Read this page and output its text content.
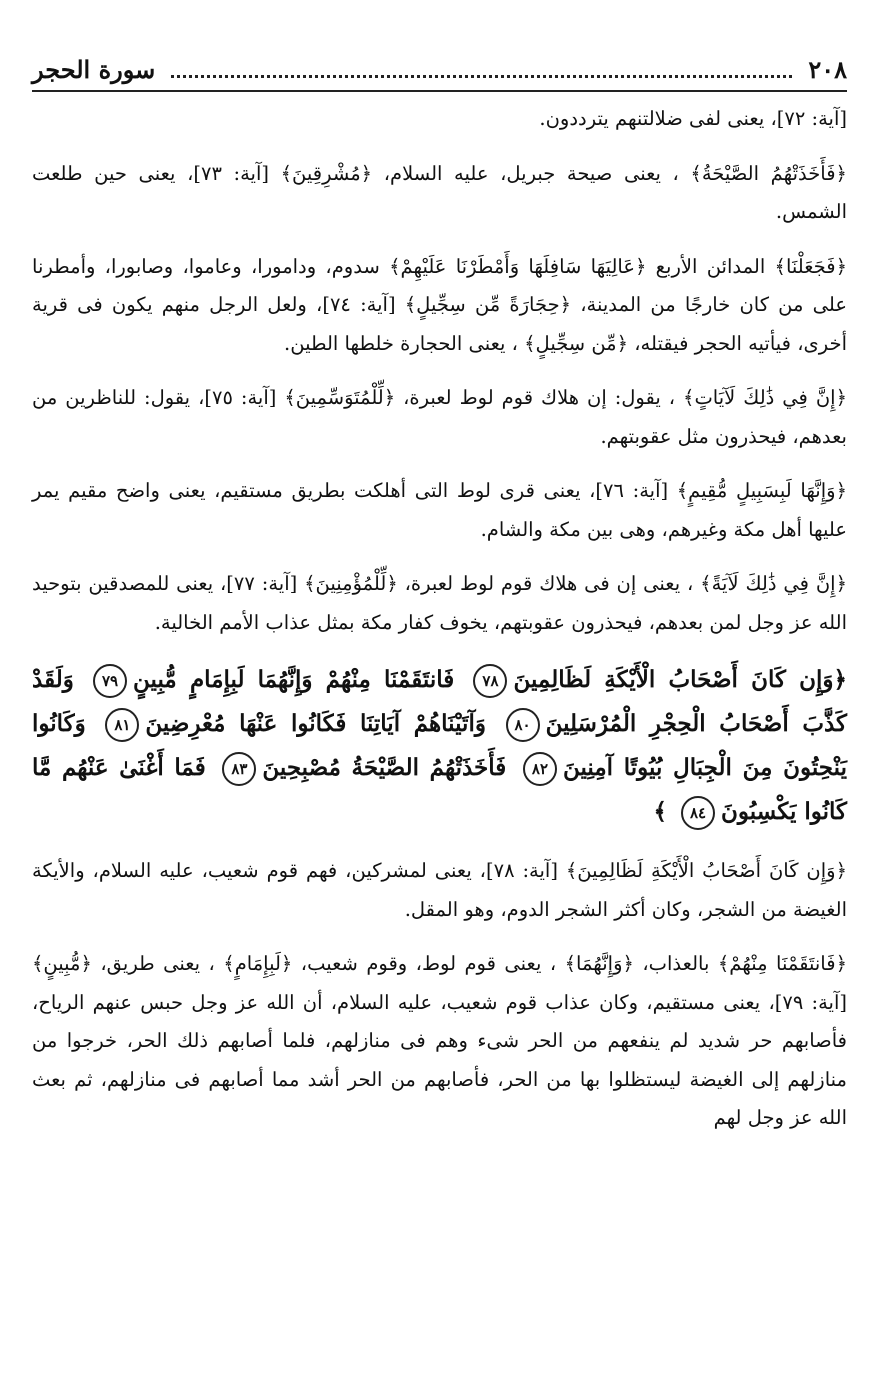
٢٠٨
سورة الحجر

[آية: ٧٢]، يعنى لفى ضلالتنهم يترددون.

﴿فَأَخَذَتْهُمُ الصَّيْحَةُ﴾ ، يعنى صيحة جبريل، عليه السلام، ﴿مُشْرِقِينَ﴾ [آية: ٧٣]، يعنى حين طلعت الشمس.

﴿فَجَعَلْنَا﴾ المدائن الأربع ﴿عَالِيَهَا سَافِلَهَا وَأَمْطَرْنَا عَلَيْهِمْ﴾ سدوم، ودامورا، وعاموا، وصابورا، وأمطرنا على من كان خارجًا من المدينة، ﴿حِجَارَةً مِّن سِجِّيلٍ﴾ [آية: ٧٤]، ولعل الرجل منهم يكون فى قرية أخرى، فيأتيه الحجر فيقتله، ﴿مِّن سِجِّيلٍ﴾ ، يعنى الحجارة خلطها الطين.

﴿إِنَّ فِي ذَٰلِكَ لَآيَاتٍ﴾ ، يقول: إن هلاك قوم لوط لعبرة، ﴿لِّلْمُتَوَسِّمِينَ﴾ [آية: ٧٥]، يقول: للناظرين من بعدهم، فيحذرون مثل عقوبتهم.

﴿وَإِنَّهَا لَبِسَبِيلٍ مُّقِيمٍ﴾ [آية: ٧٦]، يعنى قرى لوط التى أهلكت بطريق مستقيم، يعنى واضح مقيم يمر عليها أهل مكة وغيرهم، وهى بين مكة والشام.

﴿إِنَّ فِي ذَٰلِكَ لَآيَةً﴾ ، يعنى إن فى هلاك قوم لوط لعبرة، ﴿لِّلْمُؤْمِنِينَ﴾ [آية: ٧٧]، يعنى للمصدقين بتوحيد الله عز وجل لمن بعدهم، فيحذرون عقوبتهم، يخوف كفار مكة بمثل عذاب الأمم الخالية.

﴿وَإِن كَانَ أَصْحَابُ الْأَيْكَةِ لَظَالِمِينَ٧٨ فَانتَقَمْنَا مِنْهُمْ وَإِنَّهُمَا لَبِإِمَامٍ مُّبِينٍ٧٩ وَلَقَدْ كَذَّبَ أَصْحَابُ الْحِجْرِ الْمُرْسَلِينَ٨٠ وَآتَيْنَاهُمْ آيَاتِنَا فَكَانُوا عَنْهَا مُعْرِضِينَ٨١ وَكَانُوا يَنْحِتُونَ مِنَ الْجِبَالِ بُيُوتًا آمِنِينَ٨٢ فَأَخَذَتْهُمُ الصَّيْحَةُ مُصْبِحِينَ٨٣ فَمَا أَغْنَىٰ عَنْهُم مَّا كَانُوا يَكْسِبُونَ٨٤ ﴾

﴿وَإِن كَانَ أَصْحَابُ الْأَيْكَةِ لَظَالِمِينَ﴾ [آية: ٧٨]، يعنى لمشركين، فهم قوم شعيب، عليه السلام، والأيكة الغيضة من الشجر، وكان أكثر الشجر الدوم، وهو المقل.

﴿فَانتَقَمْنَا مِنْهُمْ﴾ بالعذاب، ﴿وَإِنَّهُمَا﴾ ، يعنى قوم لوط، وقوم شعيب، ﴿لَبِإِمَامٍ﴾ ، يعنى طريق، ﴿مُّبِينٍ﴾ [آية: ٧٩]، يعنى مستقيم، وكان عذاب قوم شعيب، عليه السلام، أن الله عز وجل حبس عنهم الرياح، فأصابهم حر شديد لم ينفعهم من الحر شىء وهم فى منازلهم، فلما أصابهم ذلك الحر، خرجوا من منازلهم إلى الغيضة ليستظلوا بها من الحر، فأصابهم من الحر أشد مما أصابهم فى منازلهم، ثم بعث الله عز وجل لهم
